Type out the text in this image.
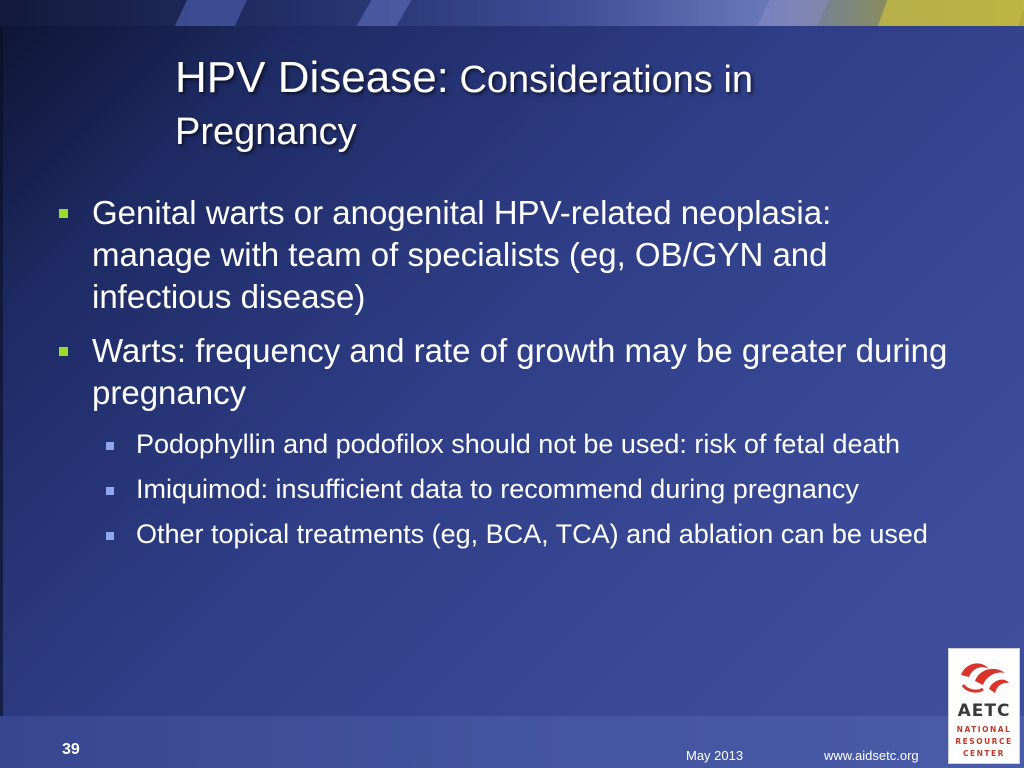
HPV Disease: Considerations in
Pregnancy
Genital warts or anogenital HPV-related neoplasia: manage with team of specialists (eg, OB/GYN and infectious disease)
Warts: frequency and rate of growth may be greater during pregnancy
Podophyllin and podofilox should not be used: risk of fetal death
Imiquimod: insufficient data to recommend during pregnancy
Other topical treatments (eg, BCA, TCA) and ablation can be used
39	May 2013	www.aidsetc.org
AETC
NATIONAL
RESOURCE
CENTER
